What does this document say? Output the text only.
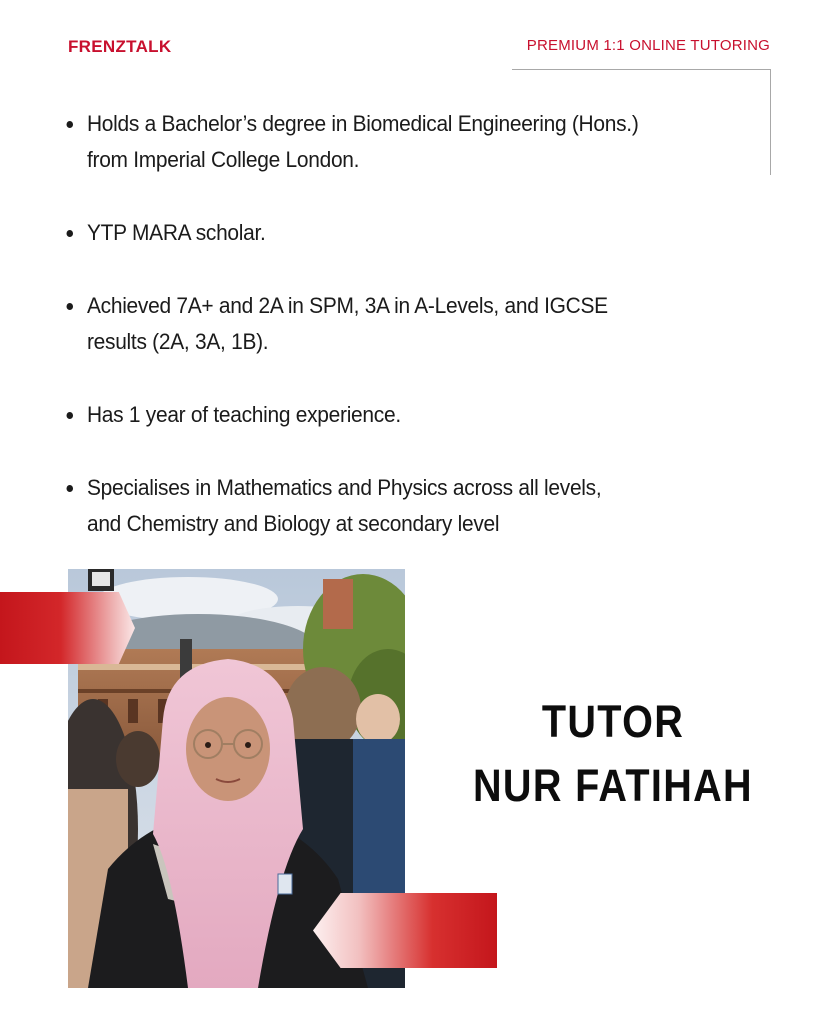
FRENZTALK	PREMIUM 1:1 ONLINE TUTORING
Holds a Bachelor’s degree in Biomedical Engineering (Hons.)
from Imperial College London.
YTP MARA scholar.
Achieved 7A+ and 2A in SPM, 3A in A-Levels, and IGCSE
results (2A, 3A, 1B).
Has 1 year of teaching experience.
Specialises in Mathematics and Physics across all levels,
and Chemistry and Biology at secondary level
TUTOR
NUR FATIHAH
